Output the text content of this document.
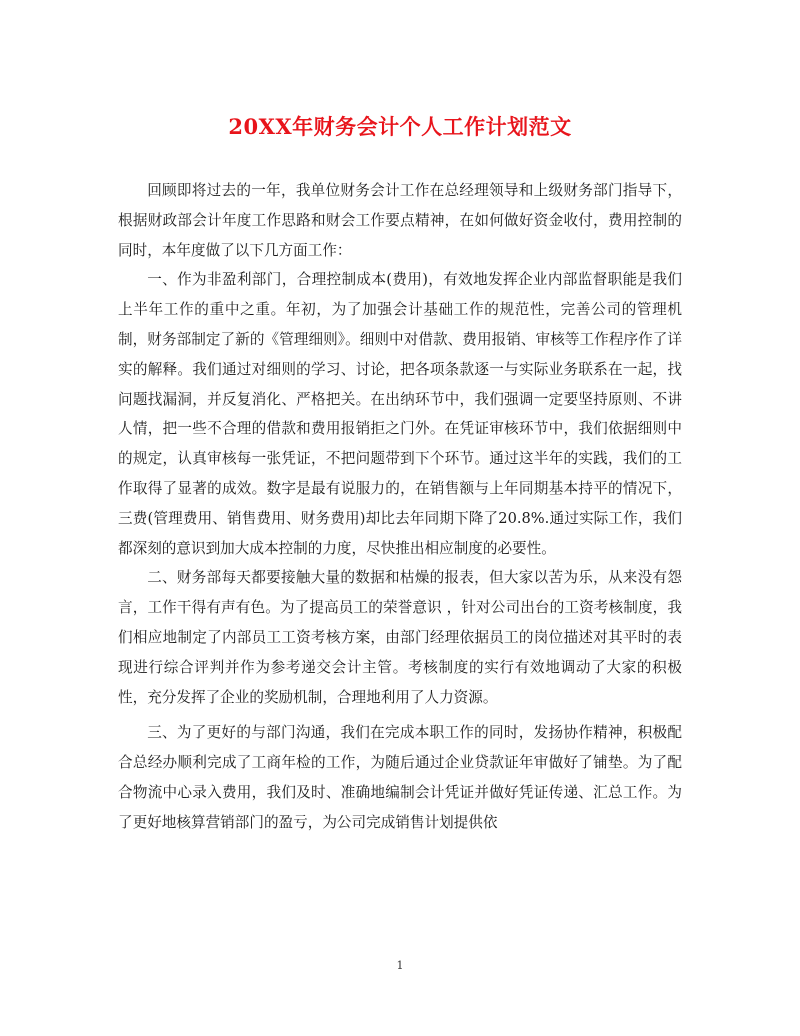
20XX年财务会计个人工作计划范文

回顾即将过去的一年，我单位财务会计工作在总经理领导和上级财务部门指导下，根据财政部会计年度工作思路和财会工作要点精神，在如何做好资金收付，费用控制的同时，本年度做了以下几方面工作：

一、作为非盈利部门，合理控制成本(费用)，有效地发挥企业内部监督职能是我们上半年工作的重中之重。年初，为了加强会计基础工作的规范性，完善公司的管理机制，财务部制定了新的《管理细则》。细则中对借款、费用报销、审核等工作程序作了详实的解释。我们通过对细则的学习、讨论，把各项条款逐一与实际业务联系在一起，找问题找漏洞，并反复消化、严格把关。在出纳环节中，我们强调一定要坚持原则、不讲人情，把一些不合理的借款和费用报销拒之门外。在凭证审核环节中，我们依据细则中的规定，认真审核每一张凭证，不把问题带到下个环节。通过这半年的实践，我们的工作取得了显著的成效。数字是最有说服力的，在销售额与上年同期基本持平的情况下，三费(管理费用、销售费用、财务费用)却比去年同期下降了20.8%.通过实际工作，我们都深刻的意识到加大成本控制的力度，尽快推出相应制度的必要性。

二、财务部每天都要接触大量的数据和枯燥的报表，但大家以苦为乐，从来没有怨言，工作干得有声有色。为了提高员工的荣誉意识 ，针对公司出台的工资考核制度，我们相应地制定了内部员工工资考核方案，由部门经理依据员工的岗位描述对其平时的表现进行综合评判并作为参考递交会计主管。考核制度的实行有效地调动了大家的积极性，充分发挥了企业的奖励机制，合理地利用了人力资源。

三、为了更好的与部门沟通，我们在完成本职工作的同时，发扬协作精神，积极配合总经办顺利完成了工商年检的工作，为随后通过企业贷款证年审做好了铺垫。为了配合物流中心录入费用，我们及时、准确地编制会计凭证并做好凭证传递、汇总工作。为了更好地核算营销部门的盈亏，为公司完成销售计划提供依

1
